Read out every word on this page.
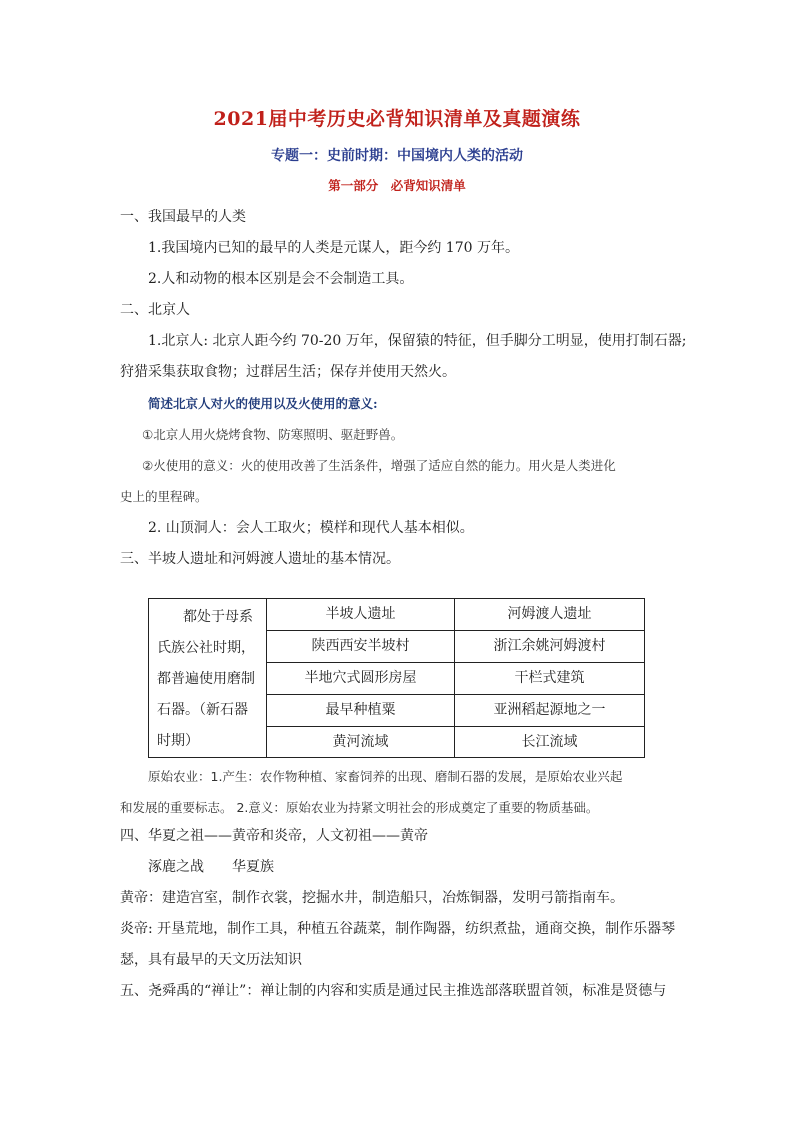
2021届中考历史必背知识清单及真题演练
专题一：史前时期：中国境内人类的活动
第一部分　必背知识清单
一、我国最早的人类
1.我国境内已知的最早的人类是元谋人，距今约 170 万年。
2.人和动物的根本区别是会不会制造工具。
二、北京人
1.北京人: 北京人距今约 70-20 万年，保留猿的特征，但手脚分工明显，使用打制石器;
狩猎采集获取食物；过群居生活；保存并使用天然火。
简述北京人对火的使用以及火使用的意义:
①北京人用火烧烤食物、防寒照明、驱赶野兽。
②火使用的意义：火的使用改善了生活条件，增强了适应自然的能力。用火是人类进化
史上的里程碑。
2. 山顶洞人：会人工取火；模样和现代人基本相似。
三、半坡人遗址和河姆渡人遗址的基本情况。
都处于母系
氏族公社时期，
都普遍使用磨制
石器。（新石器
时期）
半坡人遗址	河姆渡人遗址
陕西西安半坡村	浙江余姚河姆渡村
半地穴式圆形房屋	干栏式建筑
最早种植粟	亚洲稻起源地之一
黄河流域	长江流域
原始农业：1.产生：农作物种植、家畜饲养的出现、磨制石器的发展，是原始农业兴起
和发展的重要标志。 2.意义：原始农业为持紧文明社会的形成奠定了重要的物质基础。
四、华夏之祖——黄帝和炎帝，人文初祖——黄帝
涿鹿之战　　华夏族
黄帝：建造宫室，制作衣裳，挖掘水井，制造船只，冶炼铜器，发明弓箭指南车。
炎帝: 开垦荒地，制作工具，种植五谷蔬菜，制作陶器，纺织煮盐，通商交换，制作乐器琴
瑟，具有最早的天文历法知识
五、尧舜禹的“禅让”：禅让制的内容和实质是通过民主推选部落联盟首领，标准是贤德与
